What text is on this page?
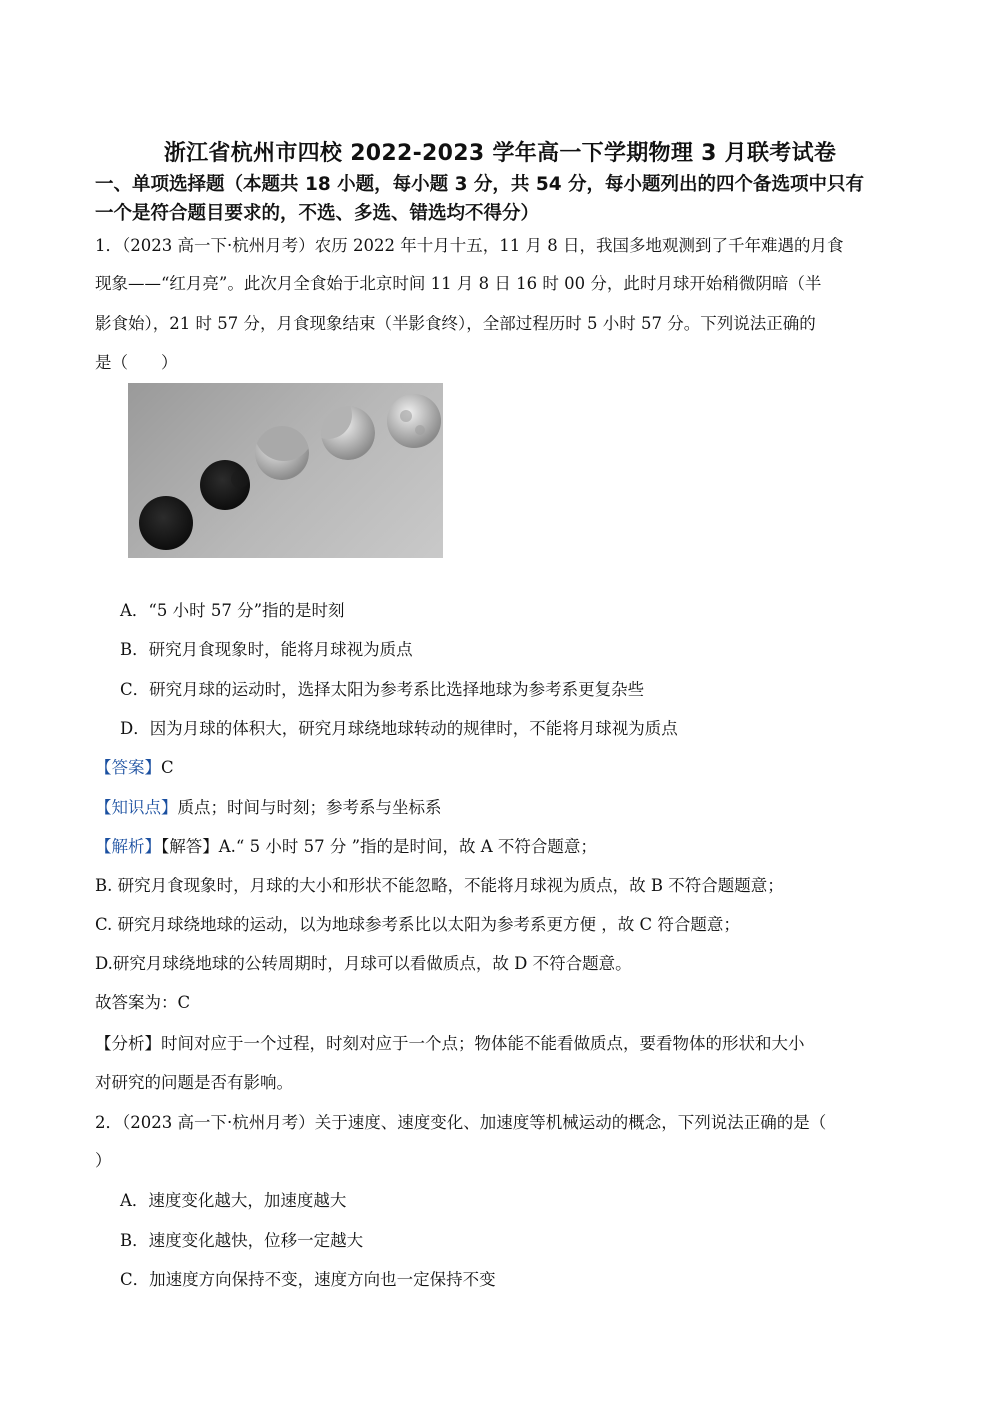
浙江省杭州市四校 2022-2023 学年高一下学期物理 3 月联考试卷
一、单项选择题（本题共 18 小题，每小题 3 分，共 54 分，每小题列出的四个备选项中只有
一个是符合题目要求的，不选、多选、错选均不得分）
1．（2023 高一下·杭州月考）农历 2022 年十月十五，11 月 8 日，我国多地观测到了千年难遇的月食
现象——“红月亮”。此次月全食始于北京时间 11 月 8 日 16 时 00 分，此时月球开始稍微阴暗（半
影食始），21 时 57 分，月食现象结束（半影食终），全部过程历时 5 小时 57 分。下列说法正确的
是（　　）
A．“5 小时 57 分”指的是时刻
B．研究月食现象时，能将月球视为质点
C．研究月球的运动时，选择太阳为参考系比选择地球为参考系更复杂些
D．因为月球的体积大，研究月球绕地球转动的规律时，不能将月球视为质点
【答案】C
【知识点】质点；时间与时刻；参考系与坐标系
【解析】【解答】A.“ 5 小时 57 分 ”指的是时间，故 A 不符合题意；
B. 研究月食现象时，月球的大小和形状不能忽略，不能将月球视为质点，故 B 不符合题题意；
C. 研究月球绕地球的运动，以为地球参考系比以太阳为参考系更方便 ，故 C 符合题意；
D.研究月球绕地球的公转周期时，月球可以看做质点，故 D 不符合题意。
故答案为：C
【分析】时间对应于一个过程，时刻对应于一个点；物体能不能看做质点，要看物体的形状和大小
对研究的问题是否有影响。
2．（2023 高一下·杭州月考）关于速度、速度变化、加速度等机械运动的概念，下列说法正确的是（
）
A．速度变化越大，加速度越大
B．速度变化越快，位移一定越大
C．加速度方向保持不变，速度方向也一定保持不变
